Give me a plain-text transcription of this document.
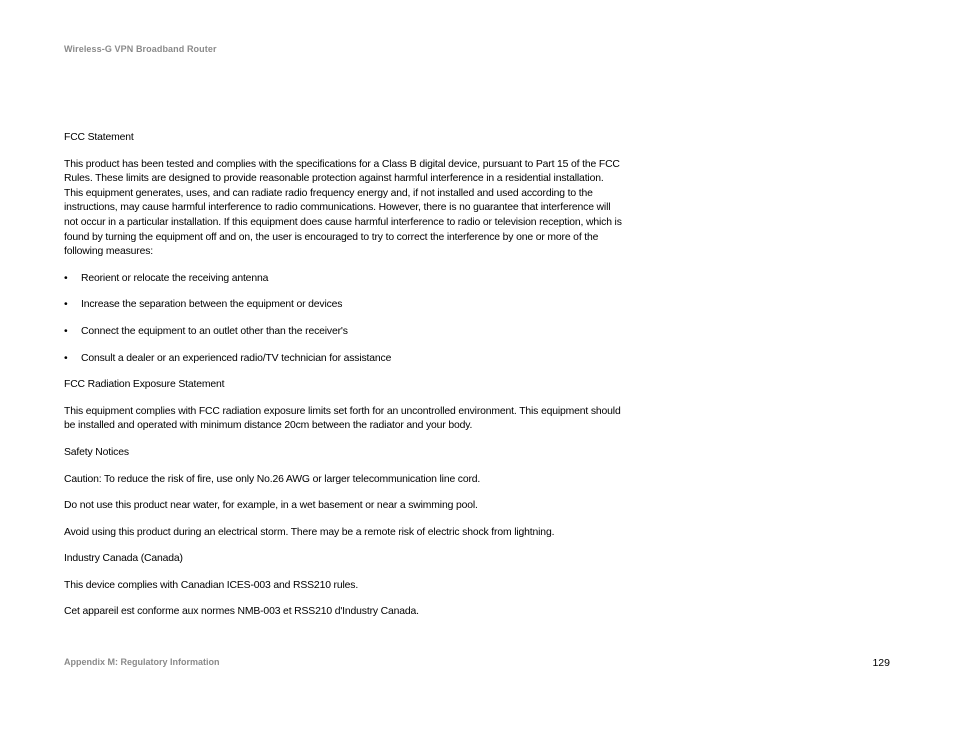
Wireless-G VPN Broadband Router

FCC Statement

This product has been tested and complies with the specifications for a Class B digital device, pursuant to Part 15 of the FCC Rules. These limits are designed to provide reasonable protection against harmful interference in a residential installation. This equipment generates, uses, and can radiate radio frequency energy and, if not installed and used according to the instructions, may cause harmful interference to radio communications. However, there is no guarantee that interference will not occur in a particular installation. If this equipment does cause harmful interference to radio or television reception, which is found by turning the equipment off and on, the user is encouraged to try to correct the interference by one or more of the following measures:

• Reorient or relocate the receiving antenna
• Increase the separation between the equipment or devices
• Connect the equipment to an outlet other than the receiver's
• Consult a dealer or an experienced radio/TV technician for assistance

FCC Radiation Exposure Statement

This equipment complies with FCC radiation exposure limits set forth for an uncontrolled environment. This equipment should be installed and operated with minimum distance 20cm between the radiator and your body.

Safety Notices

Caution: To reduce the risk of fire, use only No.26 AWG or larger telecommunication line cord.

Do not use this product near water, for example, in a wet basement or near a swimming pool.

Avoid using this product during an electrical storm. There may be a remote risk of electric shock from lightning.

Industry Canada (Canada)

This device complies with Canadian ICES-003 and RSS210 rules.

Cet appareil est conforme aux normes NMB-003 et RSS210 d'Industry Canada.

Appendix M: Regulatory Information	129
